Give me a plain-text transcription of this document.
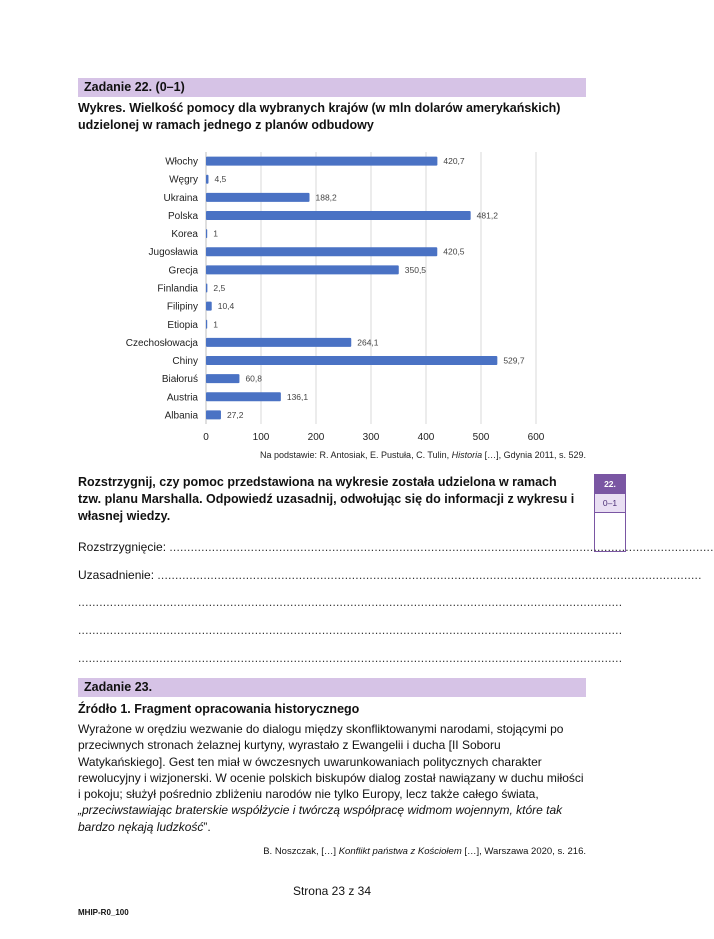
Zadanie 22. (0–1)
Wykres. Wielkość pomocy dla wybranych krajów (w mln dolarów amerykańskich) udzielonej w ramach jednego z planów odbudowy
0	100	200	300	400	500	600
Włochy	420,7
Węgry 4,5
Ukraina	188,2
Polska	481,2
Korea 1
Jugosławia	420,5
Grecja	350,5
Finlandia 2,5
Filipiny 10,4
Etiopia 1
Czechosłowacja	264,1
Chiny	529,7
Białoruś	60,8
Austria	136,1
Albania	27,2
Na podstawie: R. Antosiak, E. Pustuła, C. Tulin, Historia […], Gdynia 2011, s. 529.
Rozstrzygnij, czy pomoc przedstawiona na wykresie została udzielona w ramach tzw. planu Marshalla. Odpowiedź uzasadnij, odwołując się do informacji z wykresu i własnej wiedzy.
22.
0–1
Rozstrzygnięcie: ..........................................................................................................................................................
Uzasadnienie: ..........................................................................................................................................................
..........................................................................................................................................................
..........................................................................................................................................................
..........................................................................................................................................................
Zadanie 23.
Źródło 1. Fragment opracowania historycznego
Wyrażone w orędziu wezwanie do dialogu między skonfliktowanymi narodami, stojącymi po przeciwnych stronach żelaznej kurtyny, wyrastało z Ewangelii i ducha [II Soboru Watykańskiego]. Gest ten miał w ówczesnych uwarunkowaniach politycznych charakter rewolucyjny i wizjonerski. W ocenie polskich biskupów dialog został nawiązany w duchu miłości i pokoju; służył pośrednio zbliżeniu narodów nie tylko Europy, lecz także całego świata, „przeciwstawiając braterskie współżycie i twórczą współpracę widmom wojennym, które tak bardzo nękają ludzkość”.
B. Noszczak, […] Konflikt państwa z Kościołem […], Warszawa 2020, s. 216.
Strona 23 z 34
MHIP-R0_100
